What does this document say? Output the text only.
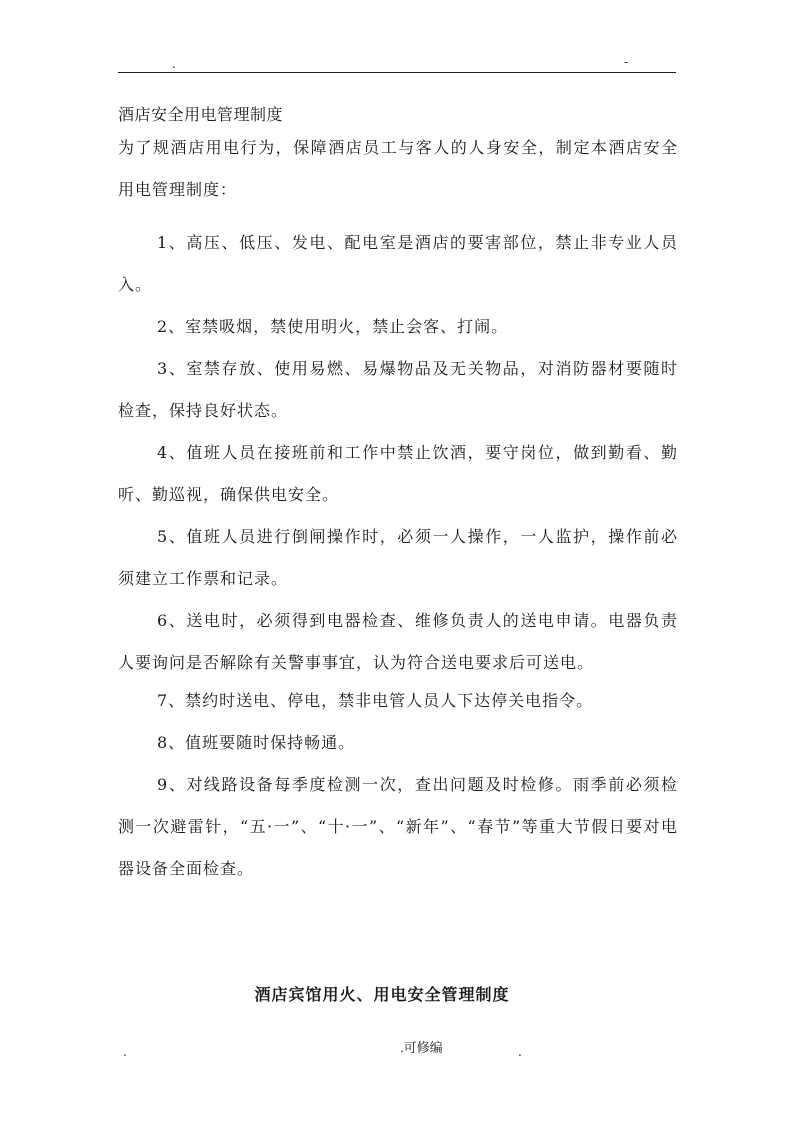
.	-
酒店安全用电管理制度

为了规酒店用电行为，保障酒店员工与客人的人身安全，制定本酒店安全用电管理制度：

1、高压、低压、发电、配电室是酒店的要害部位，禁止非专业人员入。

2、室禁吸烟，禁使用明火，禁止会客、打闹。

3、室禁存放、使用易燃、易爆物品及无关物品，对消防器材要随时检查，保持良好状态。

4、值班人员在接班前和工作中禁止饮酒，要守岗位，做到勤看、勤听、勤巡视，确保供电安全。

5、值班人员进行倒闸操作时，必须一人操作，一人监护，操作前必须建立工作票和记录。

6、送电时，必须得到电器检查、维修负责人的送电申请。电器负责人要询问是否解除有关警事事宜，认为符合送电要求后可送电。

7、禁约时送电、停电，禁非电管人员人下达停关电指令。

8、值班要随时保持畅通。

9、对线路设备每季度检测一次，查出问题及时检修。雨季前必须检测一次避雷针，“五·一”、“十·一”、“新年”、“春节”等重大节假日要对电器设备全面检查。

酒店宾馆用火、用电安全管理制度
.	.可修编	.
